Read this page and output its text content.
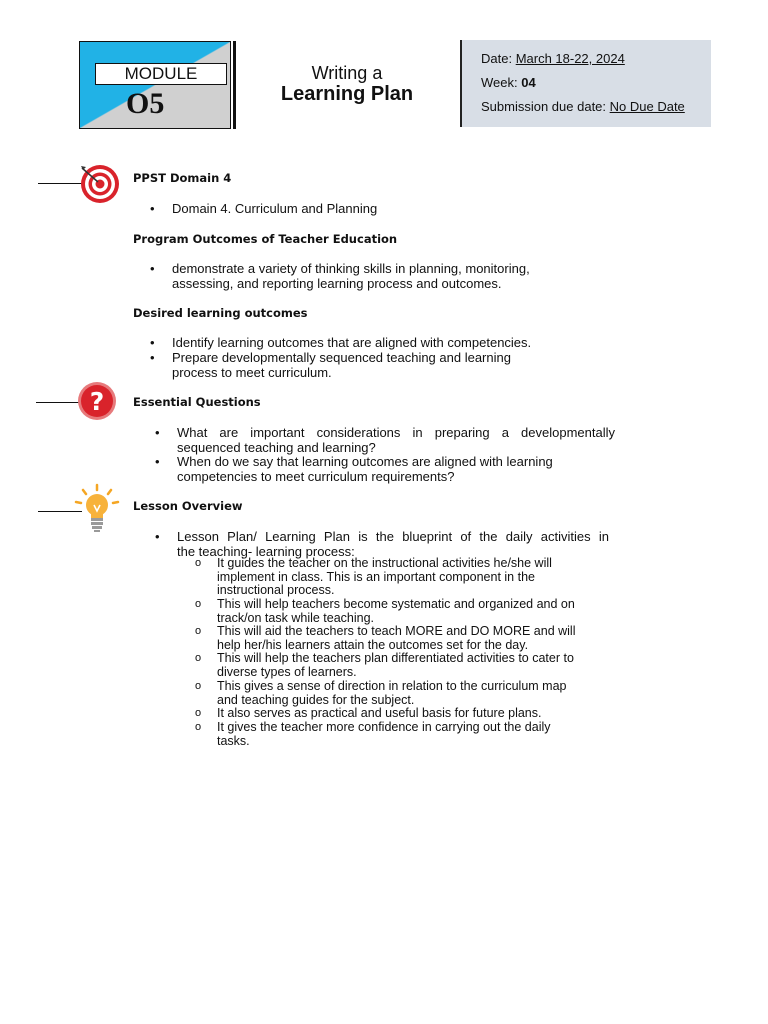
MODULE
O5
Writing a
Learning Plan
Date: March 18-22, 2024
Week: 04
Submission due date: No Due Date
PPST Domain 4
• Domain 4. Curriculum and Planning
Program Outcomes of Teacher Education
• demonstrate a variety of thinking skills in planning, monitoring,
assessing, and reporting learning process and outcomes.
Desired learning outcomes
• Identify learning outcomes that are aligned with competencies.
• Prepare developmentally sequenced teaching and learning
process to meet curriculum.
? Essential Questions
• What are important considerations in preparing a developmentally
sequenced teaching and learning?
• When do we say that learning outcomes are aligned with learning
competencies to meet curriculum requirements?
Lesson Overview
• Lesson Plan/ Learning Plan is the blueprint of the daily activities in
the teaching- learning process:
o It guides the teacher on the instructional activities he/she will
implement in class. This is an important component in the
instructional process.
o This will help teachers become systematic and organized and on
track/on task while teaching.
o This will aid the teachers to teach MORE and DO MORE and will
help her/his learners attain the outcomes set for the day.
o This will help the teachers plan differentiated activities to cater to
diverse types of learners.
o This gives a sense of direction in relation to the curriculum map
and teaching guides for the subject.
o It also serves as practical and useful basis for future plans.
o It gives the teacher more confidence in carrying out the daily
tasks.
